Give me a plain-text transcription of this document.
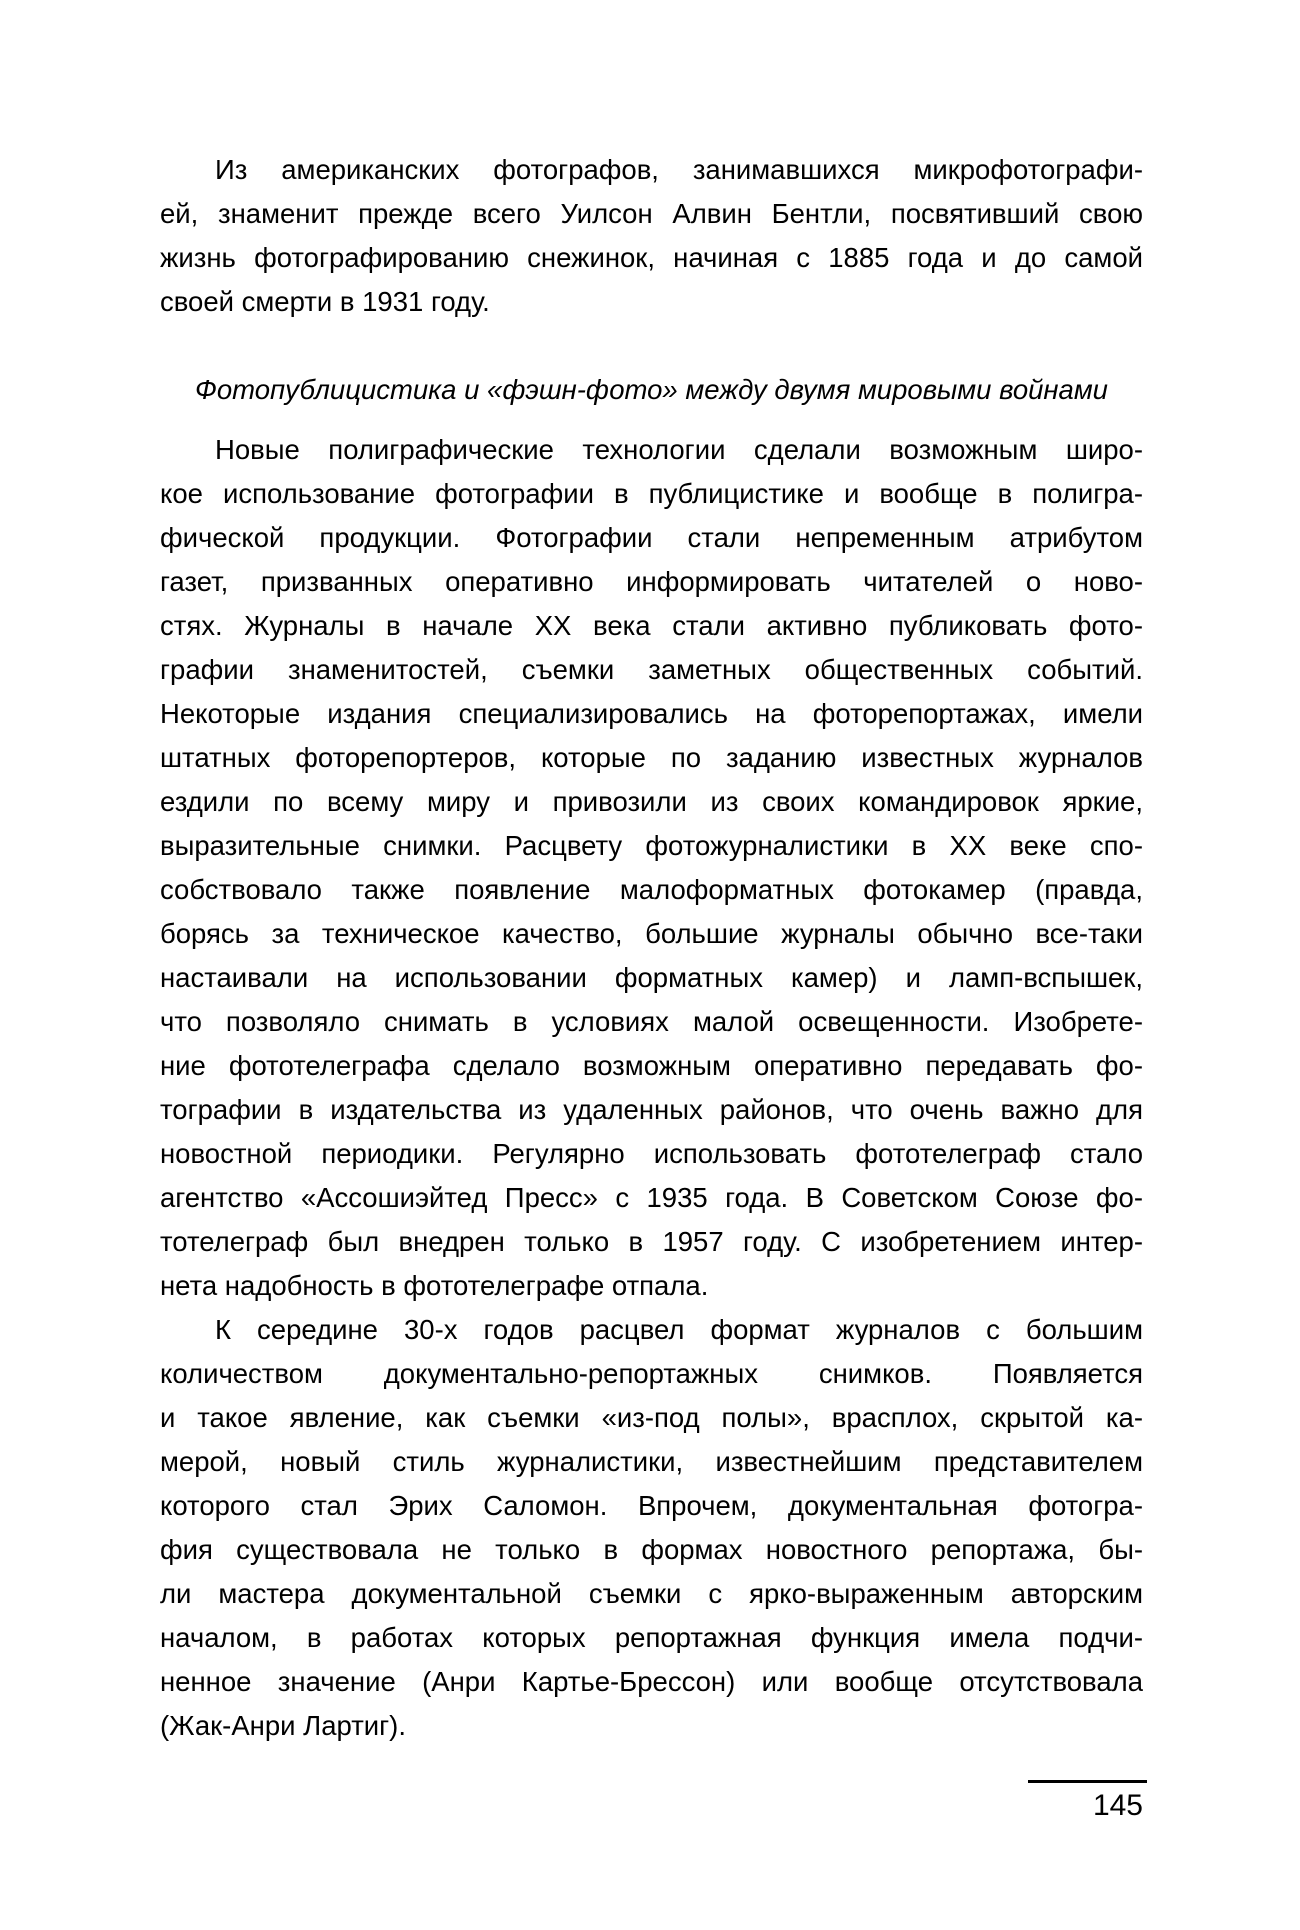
Из американских фотографов, занимавшихся микрофотографи-
ей, знаменит прежде всего Уилсон Алвин Бентли, посвятивший свою
жизнь фотографированию снежинок, начиная с 1885 года и до самой
своей смерти в 1931 году.
Фотопублицистика и «фэшн-фото» между двумя мировыми войнами
Новые полиграфические технологии сделали возможным широ-
кое использование фотографии в публицистике и вообще в полигра-
фической продукции. Фотографии стали непременным атрибутом
газет, призванных оперативно информировать читателей о ново-
стях. Журналы в начале XX века стали активно публиковать фото-
графии знаменитостей, съемки заметных общественных событий.
Некоторые издания специализировались на фоторепортажах, имели
штатных фоторепортеров, которые по заданию известных журналов
ездили по всему миру и привозили из своих командировок яркие,
выразительные снимки. Расцвету фотожурналистики в XX веке спо-
собствовало также появление малоформатных фотокамер (правда,
борясь за техническое качество, большие журналы обычно все-таки
настаивали на использовании форматных камер) и ламп-вспышек,
что позволяло снимать в условиях малой освещенности. Изобрете-
ние фототелеграфа сделало возможным оперативно передавать фо-
тографии в издательства из удаленных районов, что очень важно для
новостной периодики. Регулярно использовать фототелеграф стало
агентство «Ассошиэйтед Пресс» с 1935 года. В Советском Союзе фо-
тотелеграф был внедрен только в 1957 году. С изобретением интер-
нета надобность в фототелеграфе отпала.
К середине 30-х годов расцвел формат журналов с большим
количеством документально-репортажных снимков. Появляется
и такое явление, как съемки «из-под полы», врасплох, скрытой ка-
мерой, новый стиль журналистики, известнейшим представителем
которого стал Эрих Саломон. Впрочем, документальная фотогра-
фия существовала не только в формах новостного репортажа, бы-
ли мастера документальной съемки с ярко-выраженным авторским
началом, в работах которых репортажная функция имела подчи-
ненное значение (Анри Картье-Брессон) или вообще отсутствовала
(Жак-Анри Лартиг).
145
